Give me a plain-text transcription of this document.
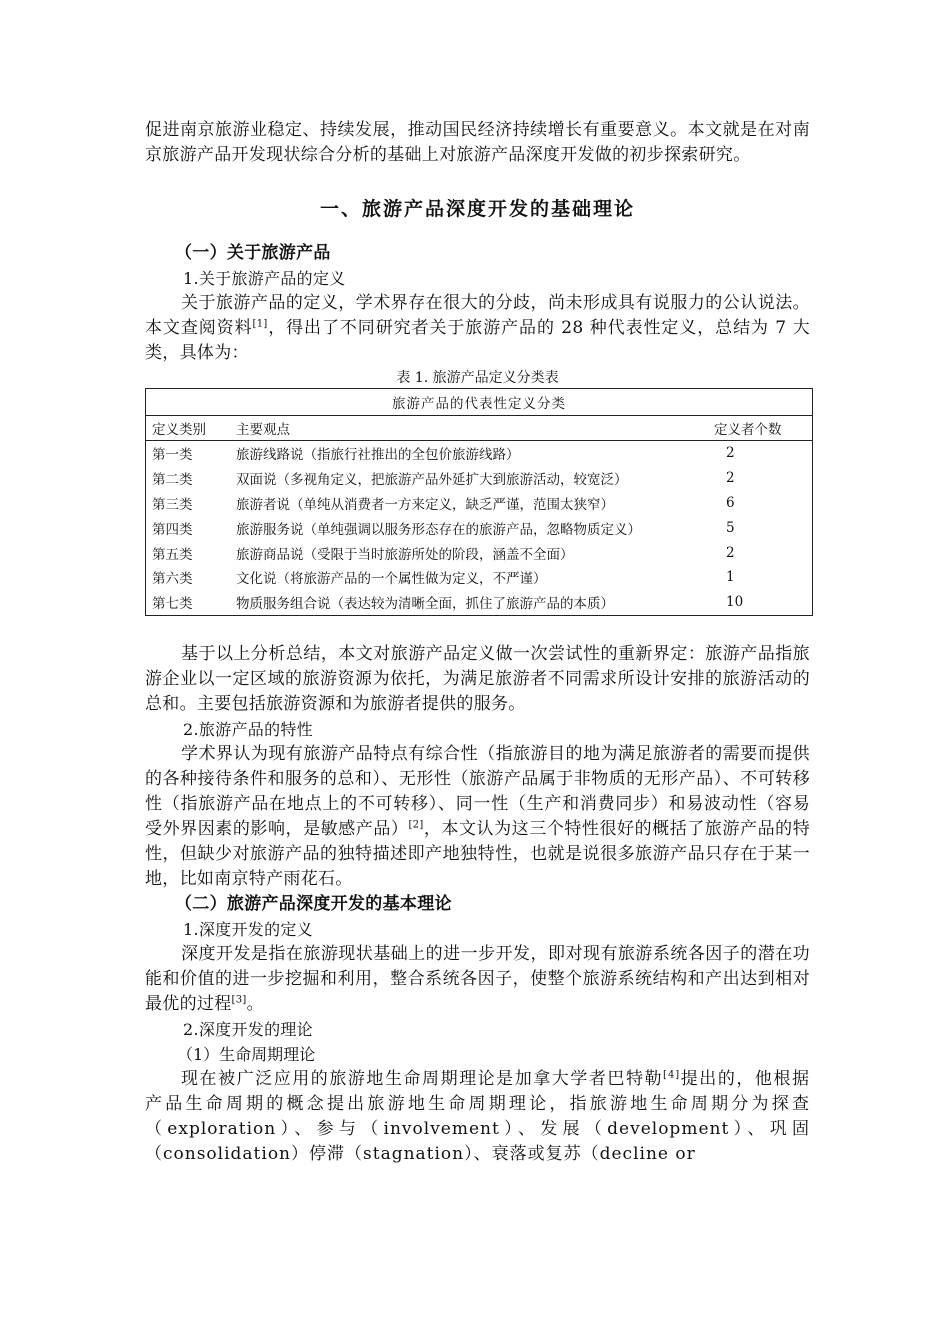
促进南京旅游业稳定、持续发展，推动国民经济持续增长有重要意义。本文就是在对南京旅游产品开发现状综合分析的基础上对旅游产品深度开发做的初步探索研究。

一、旅游产品深度开发的基础理论

（一）关于旅游产品

1.关于旅游产品的定义

关于旅游产品的定义，学术界存在很大的分歧，尚未形成具有说服力的公认说法。本文查阅资料[1]，得出了不同研究者关于旅游产品的 28 种代表性定义，总结为 7 大类，具体为：

表 1. 旅游产品定义分类表

旅游产品的代表性定义分类		
定义类别	主要观点	定义者个数
第一类	旅游线路说（指旅行社推出的全包价旅游线路）	2
第二类	双面说（多视角定义，把旅游产品外延扩大到旅游活动，较宽泛）	2
第三类	旅游者说（单纯从消费者一方来定义，缺乏严谨，范围太狭窄）	6
第四类	旅游服务说（单纯强调以服务形态存在的旅游产品，忽略物质定义）	5
第五类	旅游商品说（受限于当时旅游所处的阶段，涵盖不全面）	2
第六类	文化说（将旅游产品的一个属性做为定义，不严谨）	1
第七类	物质服务组合说（表达较为清晰全面，抓住了旅游产品的本质）	10

基于以上分析总结，本文对旅游产品定义做一次尝试性的重新界定：旅游产品指旅游企业以一定区域的旅游资源为依托，为满足旅游者不同需求所设计安排的旅游活动的总和。主要包括旅游资源和为旅游者提供的服务。

2.旅游产品的特性

学术界认为现有旅游产品特点有综合性（指旅游目的地为满足旅游者的需要而提供的各种接待条件和服务的总和）、无形性（旅游产品属于非物质的无形产品）、不可转移性（指旅游产品在地点上的不可转移）、同一性（生产和消费同步）和易波动性（容易受外界因素的影响，是敏感产品）[2]，本文认为这三个特性很好的概括了旅游产品的特性，但缺少对旅游产品的独特描述即产地独特性，也就是说很多旅游产品只存在于某一地，比如南京特产雨花石。

（二）旅游产品深度开发的基本理论

1.深度开发的定义

深度开发是指在旅游现状基础上的进一步开发，即对现有旅游系统各因子的潜在功能和价值的进一步挖掘和利用，整合系统各因子，使整个旅游系统结构和产出达到相对最优的过程[3]。

2.深度开发的理论

（1）生命周期理论

现在被广泛应用的旅游地生命周期理论是加拿大学者巴特勒[4]提出的，他根据产品生命周期的概念提出旅游地生命周期理论，指旅游地生命周期分为探查（exploration）、参与（involvement）、发展（development）、巩固（consolidation）停滞（stagnation）、衰落或复苏（decline or
